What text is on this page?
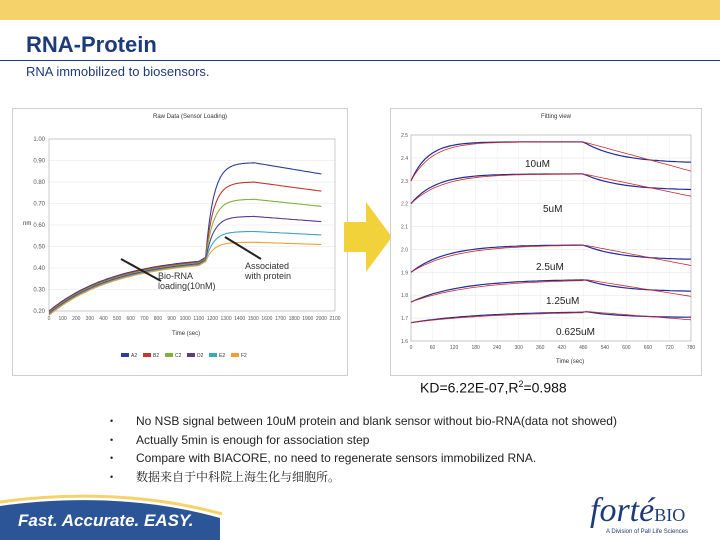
RNA-Protein
RNA immobilized to biosensors.
Raw Data (Sensor Loading)
1.00
0.90
0.80
0.70
0.60
0.50
0.40
0.30
0.20
0 100 200 300 400 500 600 700 800 900 1000 1100 1200 1300 1400 1500 1600 1700 1800 1900 2000 2100
Time (sec)
nm
A2	B2	C2	D2	E2	F2
Bio-RNA loading(10nM)
Associated with protein
Fitting view
2.5
2.4
2.3
2.2
2.1
2.0
1.9
1.8
1.7
1.6
0	60	120	180	240	300	360	420	480	540	600	660	720	780
Time (sec)
10uM
5uM
2.5uM
1.25uM
0.625uM
$KD=6.22E-07,R^2=0.988$
• No NSB signal between 10uM protein and blank sensor without bio-RNA(data not showed)
• Actually 5min is enough for association step
• Compare with BIACORE, no need to regenerate sensors immobilized RNA.
• 数据来自于中科院上海生化与细胞所。
Fast. Accurate. EASY.	fortéBIO
A Division of Pall Life Sciences
